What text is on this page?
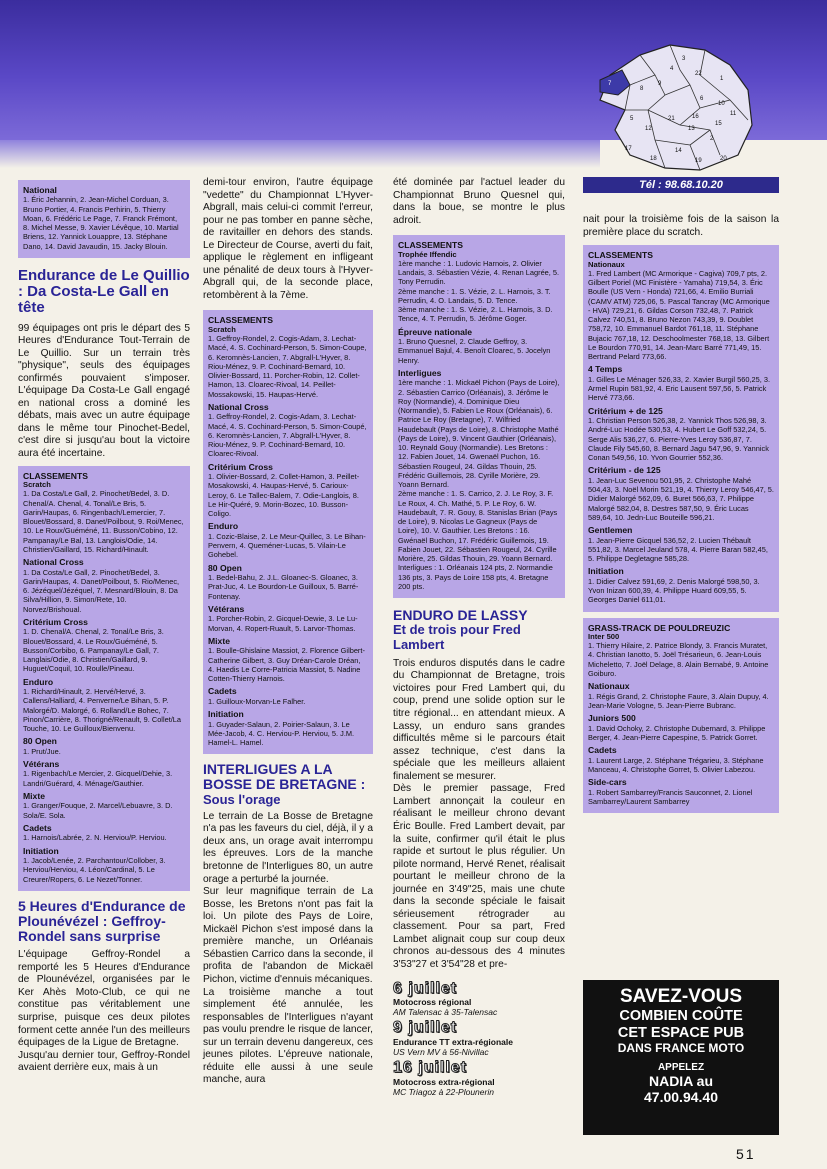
1
2
3
4
5
6
7
8
9
10
11
12	13
14
15
16
17
18	19	20
21
22
Tél : 98.68.10.20
National

1. Éric Jehannin, 2. Jean-Michel Corduan, 3. Bruno Portier, 4. Francis Perhirin, 5. Thierry Moan, 6. Frédéric Le Page, 7. Franck Frémont, 8. Michel Messe, 9. Xavier Lévêque, 10. Martial Briens, 12. Yannick Louappre, 13. Stéphane Dano, 14. David Javaudin, 15. Jacky Blouin.

Endurance de Le Quillio : Da Costa-Le Gall en tête
99 équipages ont pris le départ des 5 Heures d'Endurance Tout-Terrain de Le Quillio. Sur un terrain très "physique", seuls des équipages confirmés pouvaient s'imposer. L'équipage Da Costa-Le Gall engagé en national cross a dominé les débats, mais avec un autre équipage dans le même tour Pinochet-Bedel, c'est dire si jusqu'au bout la victoire aura été incertaine.
CLASSEMENTS
Scratch

1. Da Costa/Le Gall, 2. Pinochet/Bedel, 3. D. Chenal/A. Chenal, 4. Tonal/Le Bris, 5. Garin/Haupas, 6. Ringenbach/Lemercier, 7. Blouet/Bossard, 8. Danet/Poilbout, 9. Roi/Menec, 10. Le Roux/Guéméné, 11. Busson/Cobino, 12. Pampanay/Le Bal, 13. Langlois/Odie, 14. Christien/Gaillard, 15. Richard/Hinault.

National Cross

1. Da Costa/Le Gall, 2. Pinochet/Bedel, 3. Garin/Haupas, 4. Danet/Poilbout, 5. Rio/Menec, 6. Jézéquel/Jézéquel, 7. Mesnard/Blouin, 8. Da Silva/Hillion, 9. Simon/Rete, 10. Norvez/Brishoual.

Critérium Cross

1. D. Chenal/A. Chenal, 2. Tonal/Le Bris, 3. Blouet/Bossard, 4. Le Roux/Guéméné, 5. Busson/Corbibo, 6. Pampanay/Le Gall, 7. Langlais/Odie, 8. Christien/Gaillard, 9. Huguet/Coquil, 10. Roulle/Pineau.

Enduro

1. Richard/Hinault, 2. Hervé/Hervé, 3. Callens/Halliard, 4. Penverne/Le Bihan, 5. P. Malorgé/D. Malorgé, 6. Rolland/Le Bohec, 7. Pinon/Carrière, 8. Thorigné/Renault, 9. Collet/La Touche, 10. Le Guilloux/Bienvenu.

80 Open

1. Prut/Jue.

Vétérans

1. Rigenbach/Le Mercier, 2. Gicquel/Dehie, 3. Landri/Guérard, 4. Ménage/Gauthier.

Mixte

1. Granger/Fouque, 2. Marcel/Lebuavre, 3. D. Sola/E. Sola.

Cadets

1. Harnois/Labrée, 2. N. Herviou/P. Herviou.

Initiation

1. Jacob/Lenée, 2. Parchantour/Collober, 3. Herviou/Herviou, 4. Léon/Cardinal, 5. Le Creurer/Ropers, 6. Le Nezet/Tonner.

5 Heures d'Endurance de Plounévézel : Geffroy-Rondel sans surprise
L'équipage Geffroy-Rondel a remporté les 5 Heures d'Endurance de Plounévézel, organisées par le Ker Ahès Moto-Club, ce qui ne constitue pas véritablement une surprise, puisque ces deux pilotes forment cette année l'un des meilleurs équipages de la Ligue de Bretagne.
Jusqu'au dernier tour, Geffroy-Rondel avaient derrière eux, mais à un
demi-tour environ, l'autre équipage "vedette" du Championnat L'Hyver-Abgrall, mais celui-ci commit l'erreur, pour ne pas tomber en panne sèche, de ravitailler en dehors des stands. Le Directeur de Course, averti du fait, applique le règlement en infligeant une pénalité de deux tours à l'Hyver-Abgrall qui, de la seconde place, retombèrent à la 7ème.
CLASSEMENTS
Scratch

1. Geffroy-Rondel, 2. Cogis-Adam, 3. Lechat-Macé, 4. S. Cochinard-Person, 5. Simon-Coupe, 6. Keromnès-Lancien, 7. Abgrall-L'Hyver, 8. Riou-Ménez, 9. P. Cochinard-Bernard, 10. Olivier-Bossard, 11. Porcher-Robin, 12. Collet-Hamon, 13. Cloarec-Rivoal, 14. Peillet-Mossakowski, 15. Haupas-Hervé.

National Cross

1. Geffroy-Rondel, 2. Cogis-Adam, 3. Lechat-Macé, 4. S. Cochinard-Person, 5. Simon-Coupé, 6. Keromnès-Lancien, 7. Abgrall-L'Hyver, 8. Riou-Ménez, 9. P. Cochinard-Bernard, 10. Cloarec-Rivoal.

Critérium Cross

1. Olivier-Bossard, 2. Collet-Hamon, 3. Peillet-Mosakowski, 4. Haupas-Hervé, 5. Carioux-Leroy, 6. Le Tallec-Balem, 7. Odie-Langlois, 8. Le Hir-Quéré, 9. Morin-Bozec, 10. Busson-Coligo.

Enduro

1. Cozic-Blaise, 2. Le Meur-Quillec, 3. Le Bihan-Penvern, 4. Queméner-Lucas, 5. Vilain-Le Gohebel.

80 Open

1. Bedel-Bahu, 2. J.L. Gloanec-S. Gloanec, 3. Prat-Juc, 4. Le Bourdon-Le Guilloux, 5. Barré-Fontenay.

Vétérans

1. Porcher-Robin, 2. Gicquel-Dewie, 3. Le Lu-Morvan, 4. Ropert-Ruault, 5. Larvor-Thomas.

Mixte

1. Boulle-Ghislaine Massiot, 2. Florence Gilbert-Catherine Gilbert, 3. Guy Dréan-Carole Dréan, 4. Haedis Le Corre-Patricia Massiot, 5. Nadine Cotten-Thierry Harnois.

Cadets

1. Guilloux-Morvan-Le Falher.

Initiation

1. Guyader-Salaun, 2. Poirier-Salaun, 3. Le Mée-Jacob, 4. C. Herviou-P. Herviou, 5. J.M. Hamel-L. Hamel.

INTERLIGUES A LA BOSSE DE BRETAGNE :
Sous l'orage
Le terrain de La Bosse de Bretagne n'a pas les faveurs du ciel, déjà, il y a deux ans, un orage avait interrompu les épreuves. Lors de la manche bretonne de l'Interligues 80, un autre orage a perturbé la journée.
Sur leur magnifique terrain de La Bosse, les Bretons n'ont pas fait la loi. Un pilote des Pays de Loire, Mickaël Pichon s'est imposé dans la première manche, un Orléanais Sébastien Carrico dans la seconde, il profita de l'abandon de Mickaël Pichon, victime d'ennuis mécaniques.
La troisième manche a tout simplement été annulée, les responsables de l'Interligues n'ayant pas voulu prendre le risque de lancer, sur un terrain devenu dangereux, ces jeunes pilotes. L'épreuve nationale, réduite elle aussi à une seule manche, aura
été dominée par l'actuel leader du Championnat Bruno Quesnel qui, dans la boue, se montre le plus adroit.
CLASSEMENTS
Trophée Iffendic

1ère manche : 1. Ludovic Harnois, 2. Olivier Landais, 3. Sébastien Vézie, 4. Renan Lagrée, 5. Tony Perrudin.
2ème manche : 1. S. Vézie, 2. L. Harnois, 3. T. Perrudin, 4. O. Landais, 5. D. Tence.
3ème manche : 1. S. Vézie, 2. L. Harnois, 3. D. Tence, 4. T. Perrudin, 5. Jérôme Goger.

Épreuve nationale

1. Bruno Quesnel, 2. Claude Geffroy, 3. Emmanuel Bajul, 4. Benoît Cloarec, 5. Jocelyn Henry.

Interligues

1ère manche : 1. Mickaël Pichon (Pays de Loire), 2. Sébastien Carrico (Orléanais), 3. Jérôme le Roy (Normandie), 4. Dominique Dieu (Normandie), 5. Fabien Le Roux (Orléanais), 6. Patrice Le Roy (Bretagne), 7. Wilfried Haudebault (Pays de Loire), 8. Christophe Mathé (Pays de Loire), 9. Vincent Gauthier (Orléanais), 10. Reynald Gouy (Normandie). Les Bretons : 12. Fabien Jouet, 14. Gwenaël Puchon, 16. Sébastien Rougeul, 24. Gildas Thouin, 25. Frédéric Guillemois, 28. Cyrille Morière, 29. Yoann Bernard.
2ème manche : 1. S. Carrico, 2. J. Le Roy, 3. F. Le Roux, 4. Ch. Mathé, 5. P. Le Roy, 6. W. Haudebault, 7. R. Gouy, 8. Stanislas Brian (Pays de Loire), 9. Nicolas Le Gagneux (Pays de Loire), 10. V. Gauthier. Les Bretons : 16. Gwénaël Buchon, 17. Frédéric Guillemois, 19. Fabien Jouet, 22. Sébastien Rougeul, 24. Cyrille Morière, 25. Gildas Thouin, 29. Yoann Bernard.
Interligues : 1. Orléanais 124 pts, 2. Normandie 136 pts, 3. Pays de Loire 158 pts, 4. Bretagne 200 pts.

ENDURO DE LASSY
Et de trois pour Fred Lambert
Trois enduros disputés dans le cadre du Championnat de Bretagne, trois victoires pour Fred Lambert qui, du coup, prend une solide option sur le titre régional... en attendant mieux. A Lassy, un enduro sans grandes difficultés même si le parcours était assez technique, c'est dans la spéciale que les meilleurs allaient finalement se mesurer.
Dès le premier passage, Fred Lambert annonçait la couleur en réalisant le meilleur chrono devant Éric Boulle. Fred Lambert devait, par la suite, confirmer qu'il était le plus rapide et surtout le plus régulier. Un pilote normand, Hervé Renet, réalisait pourtant le meilleur chrono de la journée en 3'49"25, mais une chute dans la seconde spéciale le faisait sérieusement rétrograder au classement. Pour sa part, Fred Lambet alignait coup sur coup deux chronos au-dessous des 4 minutes 3'53"27 et 3'54"28 et pre-
6 juillet
Motocross régional
AM Talensac à 35-Talensac
9 juillet
Endurance TT extra-régionale
US Vern MV à 56-Nivillac
16 juillet
Motocross extra-régional
MC Triagoz à 22-Plounerin
nait pour la troisième fois de la saison la première place du scratch.
CLASSEMENTS
Nationaux

1. Fred Lambert (MC Armorique - Cagiva) 709,7 pts, 2. Gilbert Poriel (MC Finistère - Yamaha) 719,54, 3. Éric Boulle (US Vern - Honda) 721,66, 4. Emilio Burriali (CAMV ATM) 725,06, 5. Pascal Tancray (MC Armorique - HVA) 729,21, 6. Gildas Corson 732,48, 7. Patrick Calvez 740,51, 8. Bruno Nezon 743,39, 9. Doublet 758,72, 10. Emmanuel Bardot 761,18, 11. Stéphane Bujacic 767,18, 12. Deschoolmester 768,18, 13. Gilbert Le Bourdon 770,91, 14. Jean-Marc Barré 771,49, 15. Bertrand Pelard 773,66.

4 Temps

1. Gilles Le Ménager 526,33, 2. Xavier Burgil 560,25, 3. Armel Rupin 581,92, 4. Eric Lausent 597,56, 5. Patrick Hervé 773,66.

Critérium + de 125

1. Christian Person 526,38, 2. Yannick Thos 526,98, 3. André-Luc Hodée 530,53, 4. Hubert Le Goff 532,24, 5. Serge Alis 536,27, 6. Pierre-Yves Leroy 536,87, 7. Claude Fily 545,60, 8. Bernard Jagu 547,96, 9. Yannick Conan 549,56, 10. Yvon Gourrier 552,36.

Critérium - de 125

1. Jean-Luc Sevenou 501,95, 2. Christophe Mahé 504,43, 3. Noël Morin 521,19, 4. Thierry Leroy 546,47, 5. Didier Malorgé 562,09, 6. Buret 566,63, 7. Philippe Malorgé 582,04, 8. Destres 587,50, 9. Éric Lucas 589,64, 10. Jedn-Luc Bouteille 596,21.

Gentlemen

1. Jean-Pierre Gicquel 536,52, 2. Lucien Thébault 551,82, 3. Marcel Jeuland 578, 4. Pierre Baran 582,45, 5. Philippe Degletagne 585,28.

Initiation

1. Didier Calvez 591,69, 2. Denis Malorgé 598,50, 3. Yvon Inizan 600,39, 4. Philippe Huard 609,55, 5. Georges Daniel 611,01.

GRASS-TRACK DE POULDREUZIC
Inter 500

1. Thierry Hilaire, 2. Patrice Blondy, 3. Francis Muratet, 4. Christian Ianotto, 5. Joël Trésarieun, 6. Jean-Louis Micheletto, 7. Joël Delage, 8. Alain Bernabé, 9. Antoine Goiburo.

Nationaux

1. Régis Grand, 2. Christophe Faure, 3. Alain Dupuy, 4. Jean-Marie Vologne, 5. Jean-Pierre Bubranc.

Juniors 500

1. David Ochoky, 2. Christophe Dubernard, 3. Philippe Berger, 4. Jean-Pierre Capespine, 5. Patrick Gorret.

Cadets

1. Laurent Large, 2. Stéphane Trégarieu, 3. Stéphane Manceau, 4. Christophe Gorret, 5. Olivier Labezou.

Side-cars

1. Robert Sambarrey/Francis Sauconnet, 2. Lionel Sambarrey/Laurent Sambarrey

SAVEZ-VOUS
COMBIEN COÛTE
CET ESPACE PUB
DANS FRANCE MOTO
APPELEZ
NADIA au
47.00.94.40
51
